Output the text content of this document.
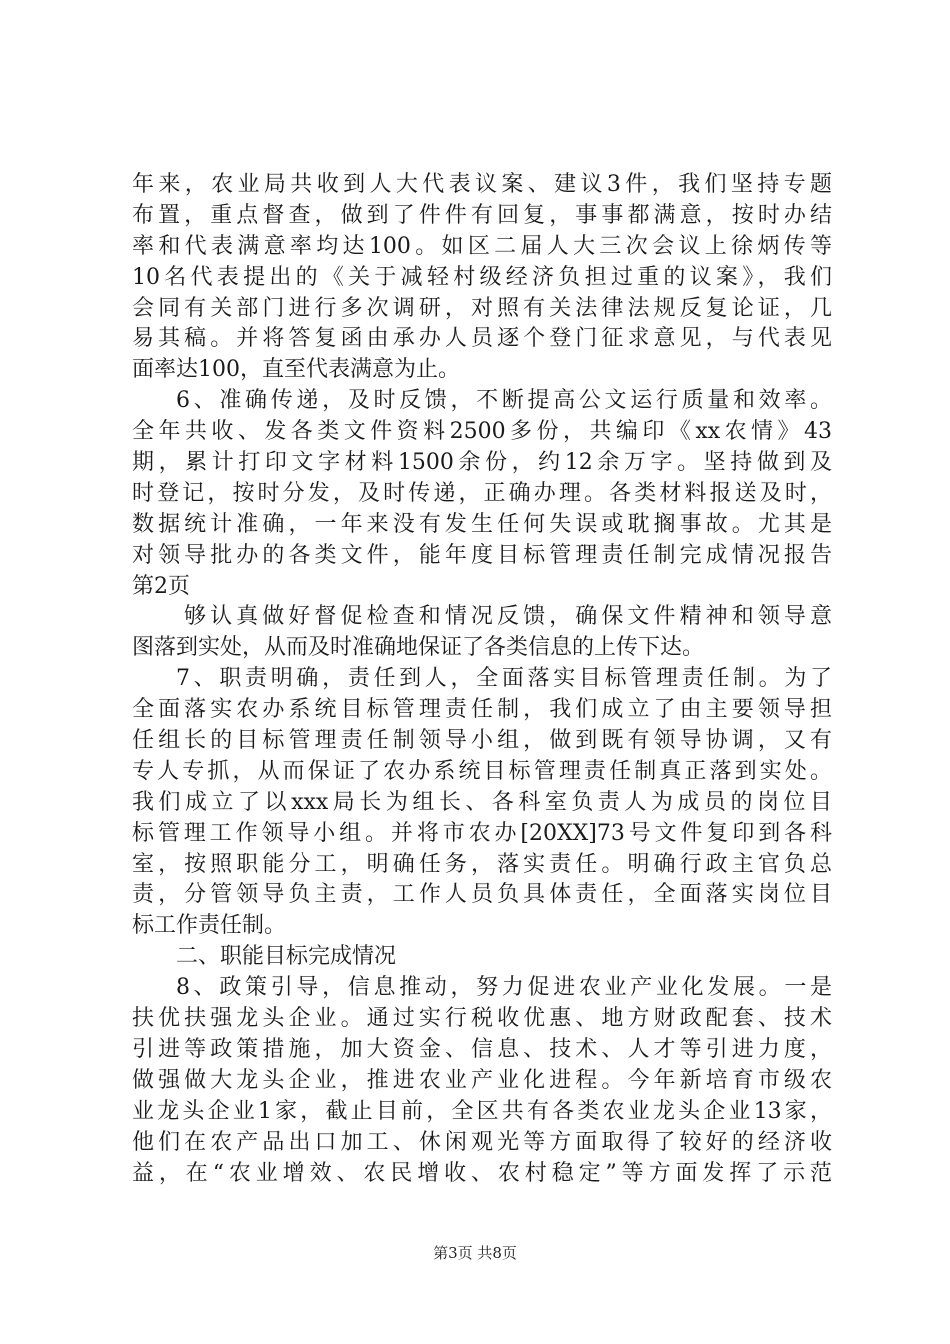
年来，农业局共收到人大代表议案、建议3件，我们坚持专题
布置，重点督查，做到了件件有回复，事事都满意，按时办结
率和代表满意率均达100。如区二届人大三次会议上徐炳传等
10名代表提出的《关于减轻村级经济负担过重的议案》，我们
会同有关部门进行多次调研，对照有关法律法规反复论证，几
易其稿。并将答复函由承办人员逐个登门征求意见，与代表见
面率达100，直至代表满意为止。
6、准确传递，及时反馈，不断提高公文运行质量和效率。
全年共收、发各类文件资料2500多份，共编印《xx农情》43
期，累计打印文字材料1500余份，约12余万字。坚持做到及
时登记，按时分发，及时传递，正确办理。各类材料报送及时，
数据统计准确，一年来没有发生任何失误或耽搁事故。尤其是
对领导批办的各类文件，能年度目标管理责任制完成情况报告
第2页
够认真做好督促检查和情况反馈，确保文件精神和领导意
图落到实处，从而及时准确地保证了各类信息的上传下达。
7、职责明确，责任到人，全面落实目标管理责任制。为了
全面落实农办系统目标管理责任制，我们成立了由主要领导担
任组长的目标管理责任制领导小组，做到既有领导协调，又有
专人专抓，从而保证了农办系统目标管理责任制真正落到实处。
我们成立了以xxx局长为组长、各科室负责人为成员的岗位目
标管理工作领导小组。并将市农办[20XX]73号文件复印到各科
室，按照职能分工，明确任务，落实责任。明确行政主官负总
责，分管领导负主责，工作人员负具体责任，全面落实岗位目
标工作责任制。
二、职能目标完成情况
8、政策引导，信息推动，努力促进农业产业化发展。一是
扶优扶强龙头企业。通过实行税收优惠、地方财政配套、技术
引进等政策措施，加大资金、信息、技术、人才等引进力度，
做强做大龙头企业，推进农业产业化进程。今年新培育市级农
业龙头企业1家，截止目前，全区共有各类农业龙头企业13家，
他们在农产品出口加工、休闲观光等方面取得了较好的经济收
益，在“农业增效、农民增收、农村稳定”等方面发挥了示范
第3页 共8页
